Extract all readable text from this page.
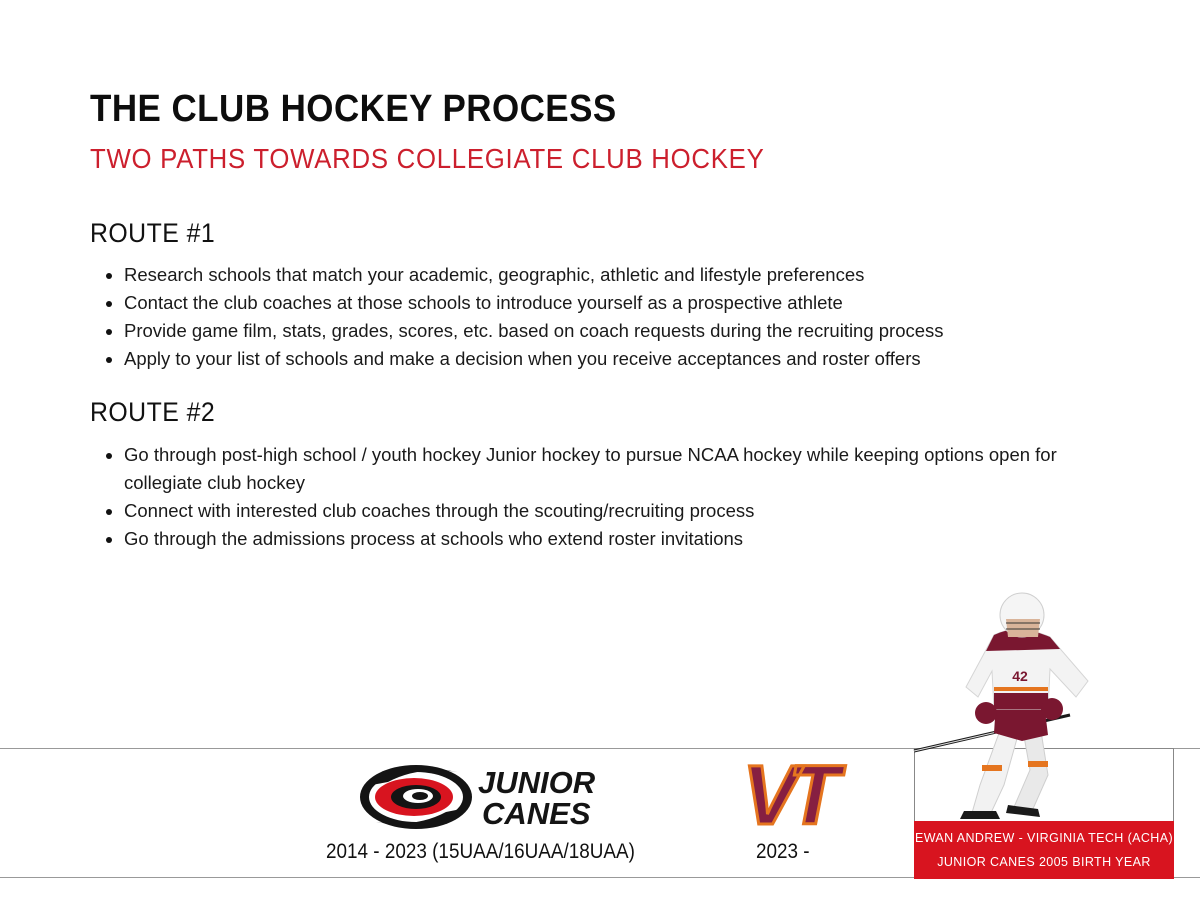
THE CLUB HOCKEY PROCESS
TWO PATHS TOWARDS COLLEGIATE CLUB HOCKEY
ROUTE #1
• Research schools that match your academic, geographic, athletic and lifestyle preferences
• Contact the club coaches at those schools to introduce yourself as a prospective athlete
• Provide game film, stats, grades, scores, etc. based on coach requests during the recruiting process
• Apply to your list of schools and make a decision when you receive acceptances and roster offers
ROUTE #2
• Go through post-high school / youth hockey Junior hockey to pursue NCAA hockey while keeping options open for collegiate club hockey
• Connect with interested club coaches through the scouting/recruiting process
• Go through the admissions process at schools who extend roster invitations
JUNIOR
CANES

2014 - 2023 (15UAA/16UAA/18UAA)

VT

2023 -

42
EWAN ANDREW - VIRGINIA TECH (ACHA)
JUNIOR CANES 2005 BIRTH YEAR
